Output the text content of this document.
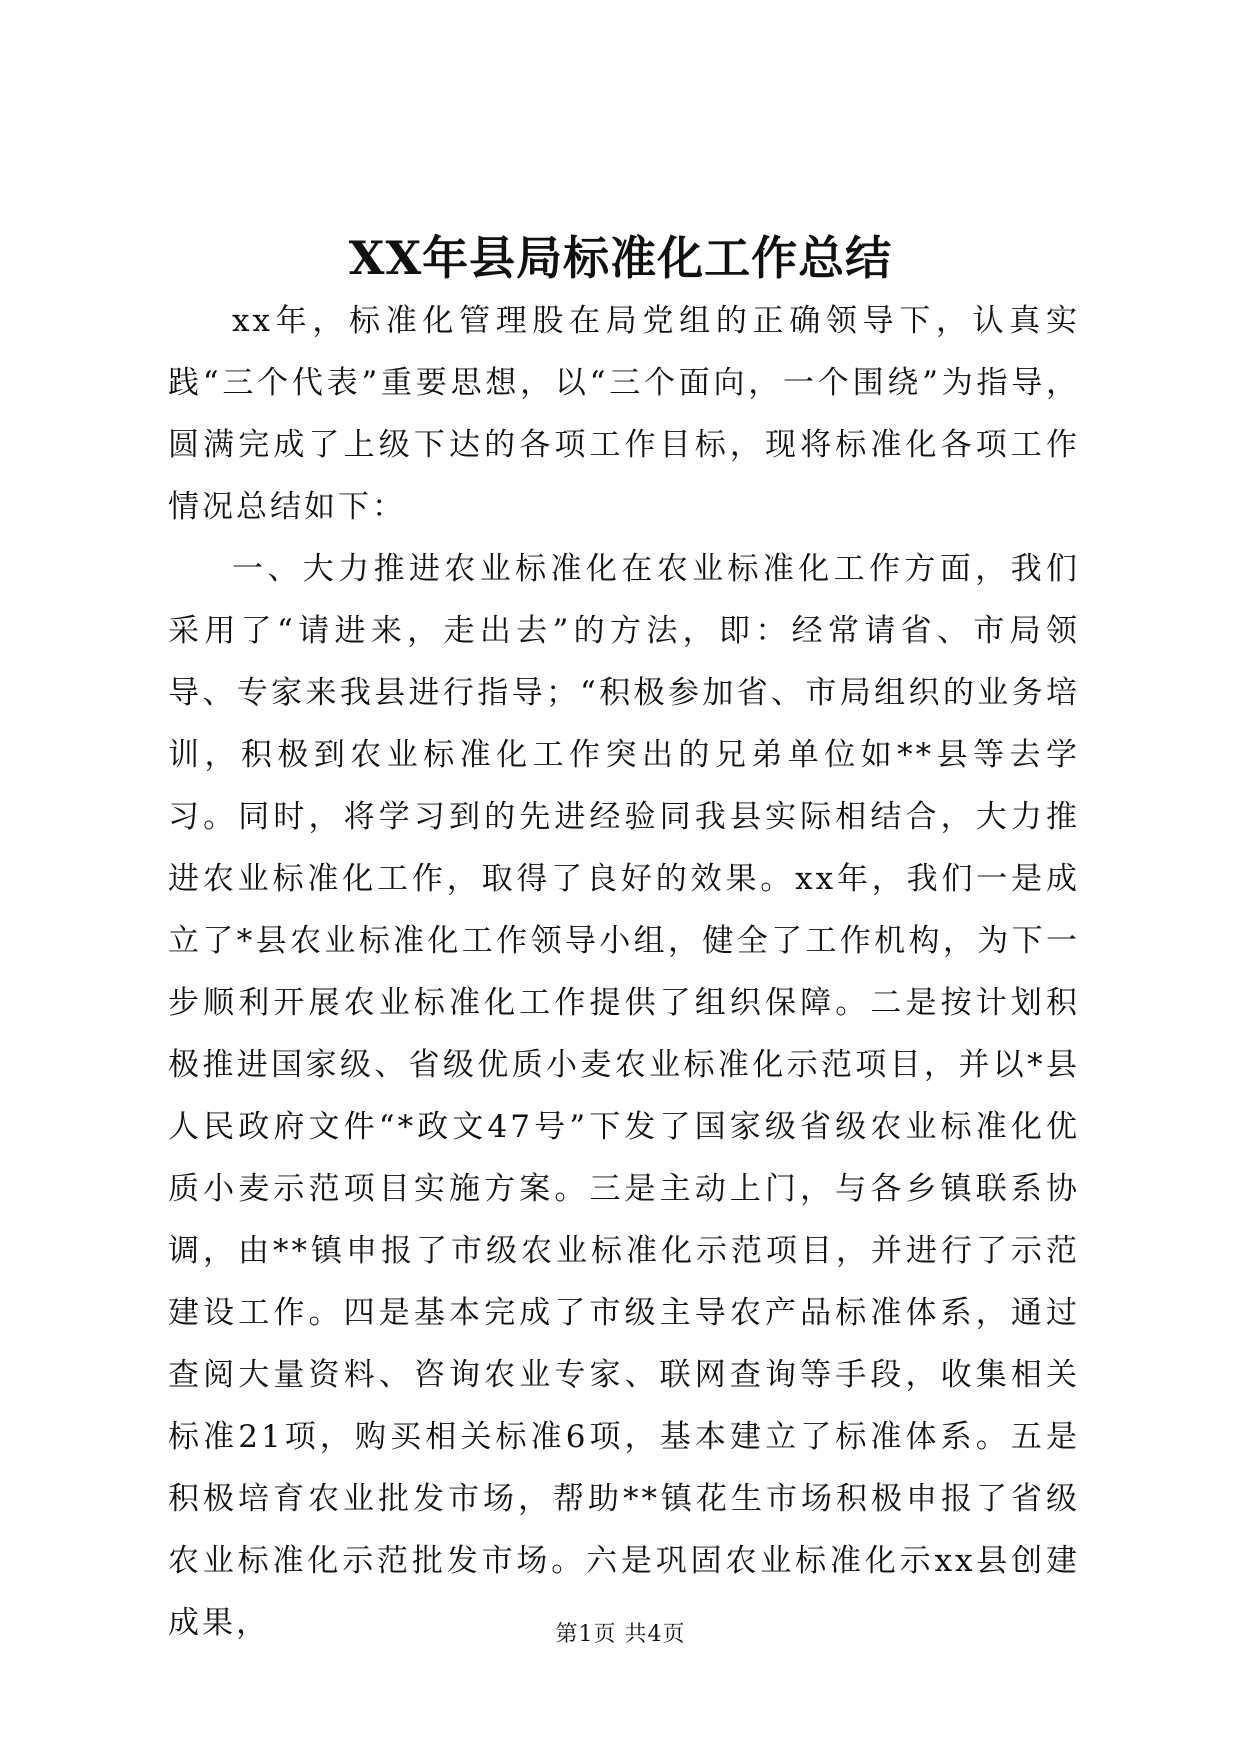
XX年县局标准化工作总结

xx年，标准化管理股在局党组的正确领导下，认真实践“三个代表”重要思想，以“三个面向，一个围绕”为指导，圆满完成了上级下达的各项工作目标，现将标准化各项工作情况总结如下：

一、大力推进农业标准化在农业标准化工作方面，我们采用了“请进来，走出去”的方法，即：经常请省、市局领导、专家来我县进行指导；“积极参加省、市局组织的业务培训，积极到农业标准化工作突出的兄弟单位如**县等去学习。同时，将学习到的先进经验同我县实际相结合，大力推进农业标准化工作，取得了良好的效果。xx年，我们一是成立了*县农业标准化工作领导小组，健全了工作机构，为下一步顺利开展农业标准化工作提供了组织保障。二是按计划积极推进国家级、省级优质小麦农业标准化示范项目，并以*县人民政府文件“*政文47号”下发了国家级省级农业标准化优质小麦示范项目实施方案。三是主动上门，与各乡镇联系协调，由**镇申报了市级农业标准化示范项目，并进行了示范建设工作。四是基本完成了市级主导农产品标准体系，通过查阅大量资料、咨询农业专家、联网查询等手段，收集相关标准21项，购买相关标准6项，基本建立了标准体系。五是积极培育农业批发市场，帮助**镇花生市场积极申报了省级农业标准化示范批发市场。六是巩固农业标准化示xx县创建成果，	第1页 共4页
